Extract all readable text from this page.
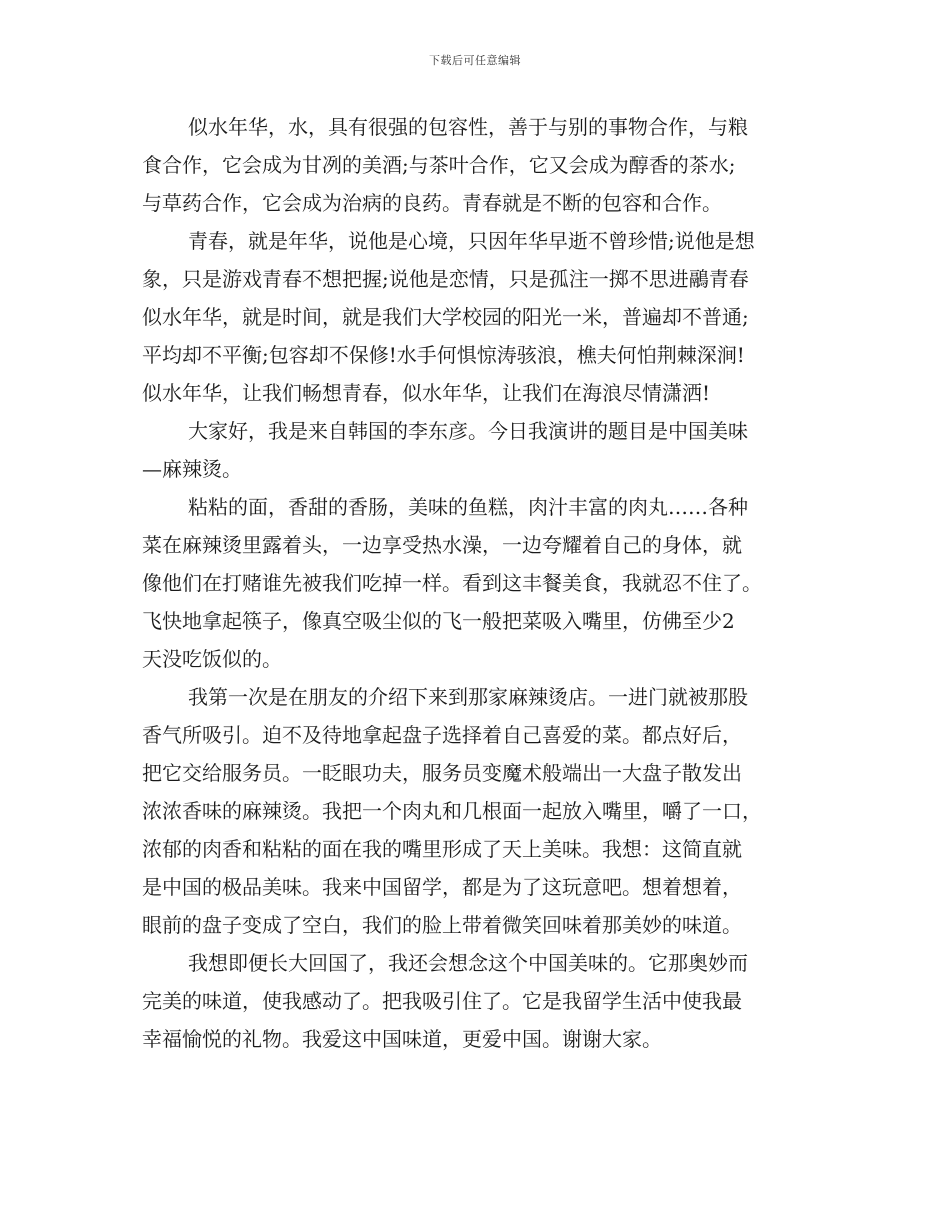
下载后可任意编辑
似水年华，水，具有很强的包容性，善于与别的事物合作，与粮
食合作，它会成为甘冽的美酒;与茶叶合作，它又会成为醇香的茶水;
与草药合作，它会成为治病的良药。青春就是不断的包容和合作。
青春，就是年华，说他是心境，只因年华早逝不曾珍惜;说他是想
象，只是游戏青春不想把握;说他是恋情，只是孤注一掷不思进鷊青春
似水年华，就是时间，就是我们大学校园的阳光一米，普遍却不普通;
平均却不平衡;包容却不保修!水手何惧惊涛骇浪，樵夫何怕荆棘深涧!
似水年华，让我们畅想青春，似水年华，让我们在海浪尽情潇洒!
大家好，我是来自韩国的李东彦。今日我演讲的题目是中国美味
—麻辣烫。
粘粘的面，香甜的香肠，美味的鱼糕，肉汁丰富的肉丸……各种
菜在麻辣烫里露着头，一边享受热水澡，一边夸耀着自己的身体，就
像他们在打赌谁先被我们吃掉一样。看到这丰餐美食，我就忍不住了。
飞快地拿起筷子，像真空吸尘似的飞一般把菜吸入嘴里，仿佛至少2
天没吃饭似的。
我第一次是在朋友的介绍下来到那家麻辣烫店。一进门就被那股
香气所吸引。迫不及待地拿起盘子选择着自己喜爱的菜。都点好后，
把它交给服务员。一眨眼功夫，服务员变魔术般端出一大盘子散发出
浓浓香味的麻辣烫。我把一个肉丸和几根面一起放入嘴里，嚼了一口，
浓郁的肉香和粘粘的面在我的嘴里形成了天上美味。我想：这简直就
是中国的极品美味。我来中国留学，都是为了这玩意吧。想着想着，
眼前的盘子变成了空白，我们的脸上带着微笑回味着那美妙的味道。
我想即便长大回国了，我还会想念这个中国美味的。它那奥妙而
完美的味道，使我感动了。把我吸引住了。它是我留学生活中使我最
幸福愉悦的礼物。我爱这中国味道，更爱中国。谢谢大家。
